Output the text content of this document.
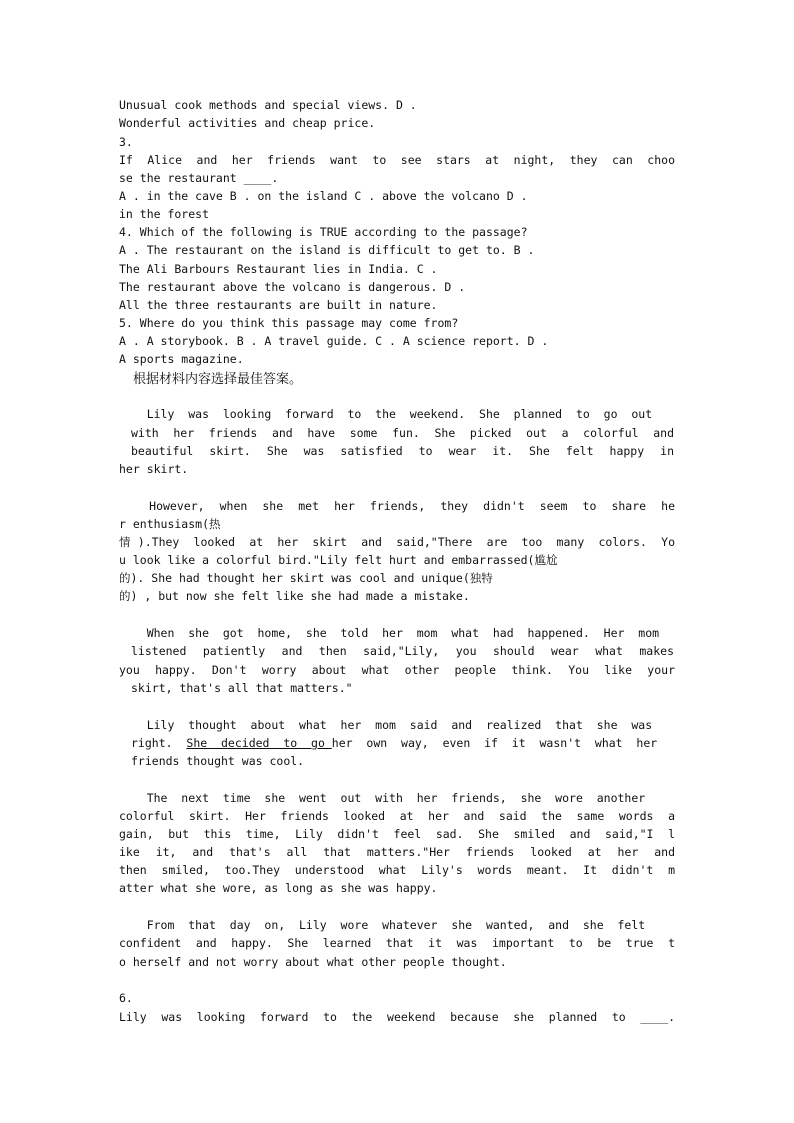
Unusual cook methods and special views. D .
Wonderful activities and cheap price.
3.
If Alice and her friends want to see stars at night, they can choo
se the restaurant ____.
A . in the cave B . on the island C . above the volcano D .
in the forest
4. Which of the following is TRUE according to the passage?
A . The restaurant on the island is difficult to get to. B .
The Ali Barbours Restaurant lies in India. C .
The restaurant above the volcano is dangerous. D .
All the three restaurants are built in nature.
5. Where do you think this passage may come from?
A . A storybook. B . A travel guide. C . A science report. D .
A sports magazine.
根据材料内容选择最佳答案。
Lily  was  looking  forward  to  the  weekend.  She  planned  to  go  out
with her friends and have some fun. She picked out a colorful and
beautiful skirt. She was satisfied to wear it. She felt happy in
her skirt.
However,  when  she  met  her  friends,  they  didn't  seem  to  share  he
r enthusiasm(热
情).They looked at her skirt and said,"There are too many colors. Yo
u look like a colorful bird."Lily felt hurt and embarrassed(尴尬
的). She had thought her skirt was cool and unique(独特
的) , but now she felt like she had made a mistake.
When  she  got  home,  she  told  her  mom  what  had  happened.  Her  mom
listened patiently and then said,"Lily, you should wear what makes
you happy. Don't worry about what other people think. You like your
skirt, that's all that matters."
Lily  thought  about  what  her  mom  said  and  realized  that  she  was
right.  She  decided  to  go her  own  way,  even  if  it  wasn't  what  her
friends thought was cool.
The  next  time  she  went  out  with  her  friends,  she  wore  another
colorful skirt. Her friends looked at her and said the same words a
gain, but this time, Lily didn't feel sad. She smiled and said,"I l
ike it, and that's all that matters."Her friends looked at her and
then smiled, too.They understood what Lily's words meant. It didn't m
atter what she wore, as long as she was happy.
From  that  day  on,  Lily  wore  whatever  she  wanted,  and  she  felt
confident and happy. She learned that it was important to be true t
o herself and not worry about what other people thought.
6.
Lily was looking forward to the weekend because she planned to ____.
